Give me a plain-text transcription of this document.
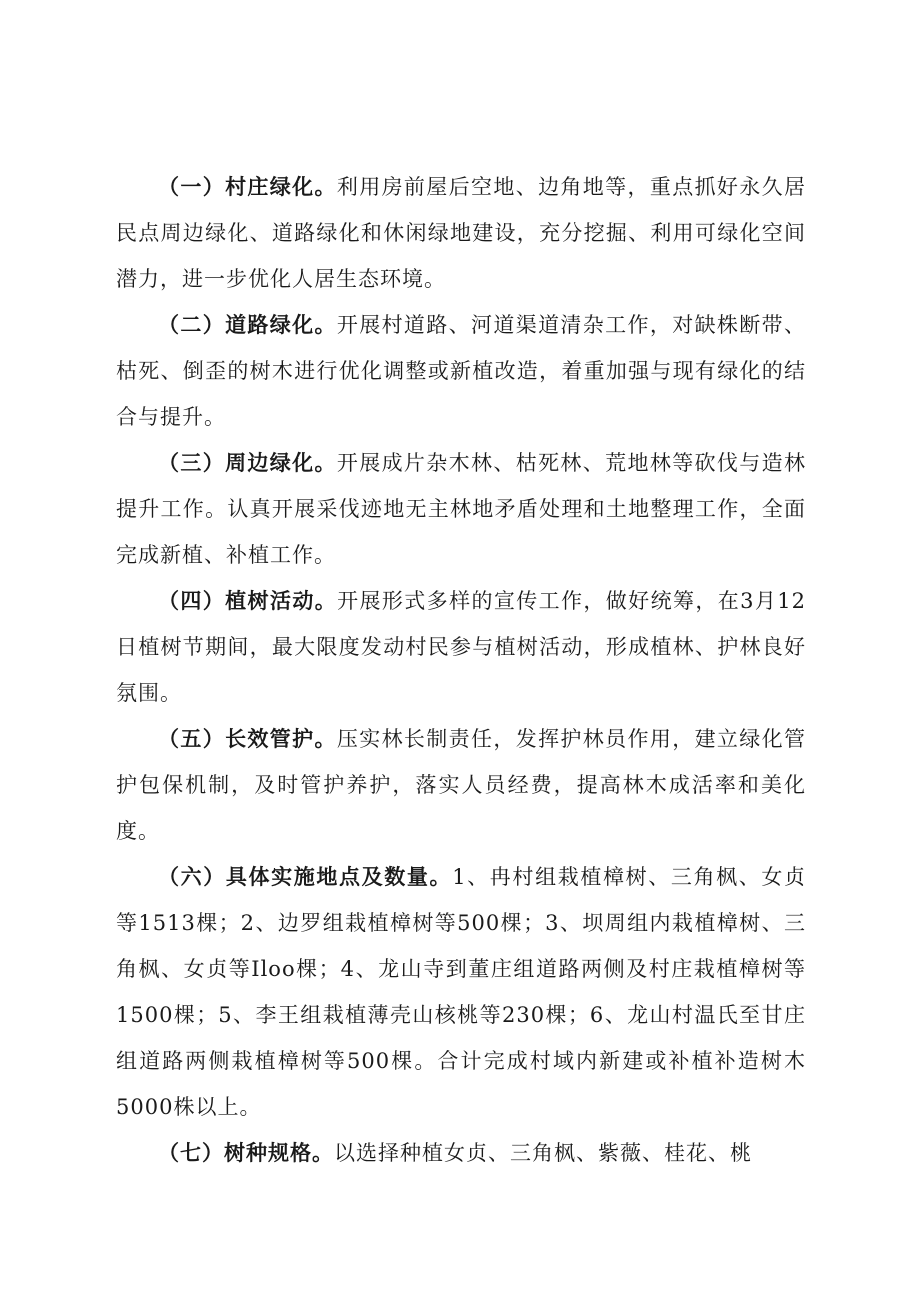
（一）村庄绿化。利用房前屋后空地、边角地等，重点抓好永久居民点周边绿化、道路绿化和休闲绿地建设，充分挖掘、利用可绿化空间潜力，进一步优化人居生态环境。

（二）道路绿化。开展村道路、河道渠道清杂工作，对缺株断带、枯死、倒歪的树木进行优化调整或新植改造，着重加强与现有绿化的结合与提升。

（三）周边绿化。开展成片杂木林、枯死林、荒地林等砍伐与造林提升工作。认真开展采伐迹地无主林地矛盾处理和土地整理工作，全面完成新植、补植工作。

（四）植树活动。开展形式多样的宣传工作，做好统筹，在3月12日植树节期间，最大限度发动村民参与植树活动，形成植林、护林良好氛围。

（五）长效管护。压实林长制责任，发挥护林员作用，建立绿化管护包保机制，及时管护养护，落实人员经费，提高林木成活率和美化度。

（六）具体实施地点及数量。1、冉村组栽植樟树、三角枫、女贞等1513棵；2、边罗组栽植樟树等500棵；3、坝周组内栽植樟树、三角枫、女贞等Iloo棵；4、龙山寺到董庄组道路两侧及村庄栽植樟树等1500棵；5、李王组栽植薄壳山核桃等230棵；6、龙山村温氏至甘庄组道路两侧栽植樟树等500棵。合计完成村域内新建或补植补造树木5000株以上。

（七）树种规格。以选择种植女贞、三角枫、紫薇、桂花、桃
